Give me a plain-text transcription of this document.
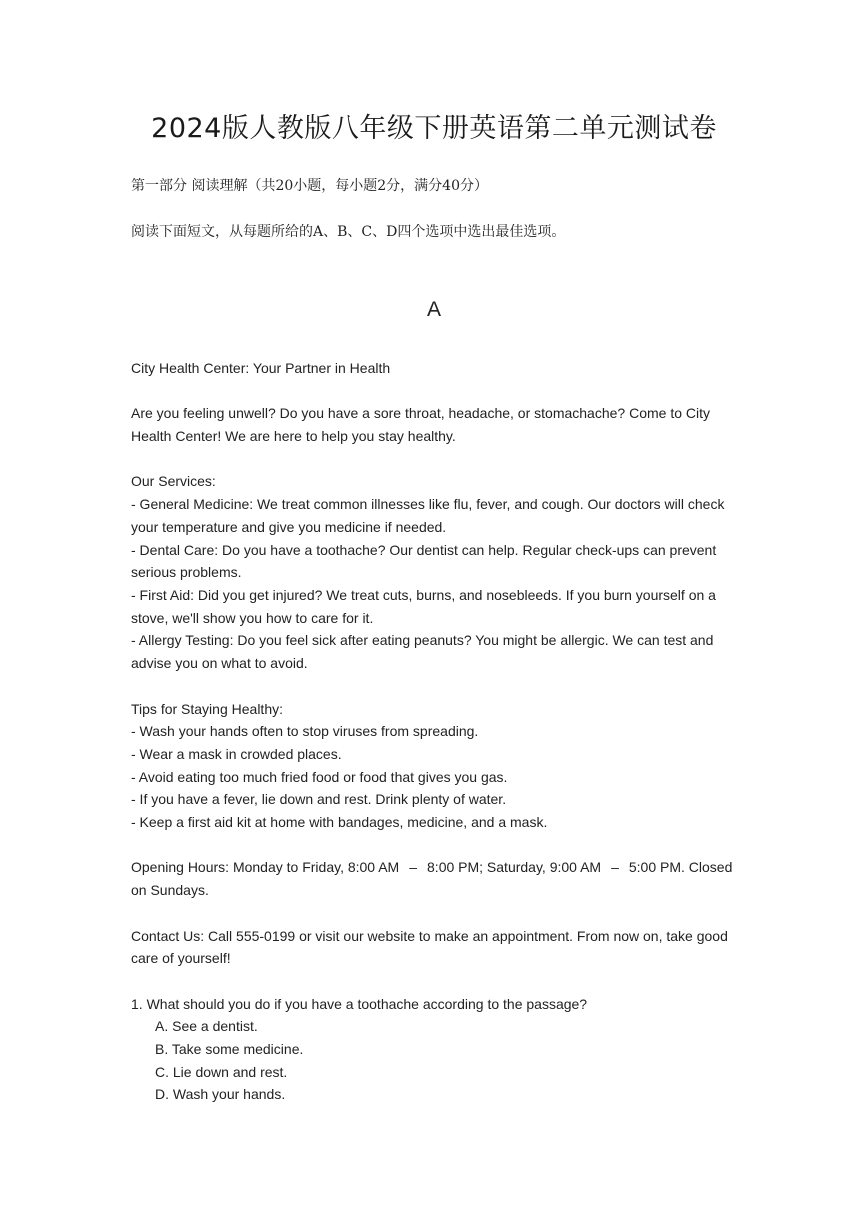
2024版人教版八年级下册英语第二单元测试卷

第一部分 阅读理解（共20小题，每小题2分，满分40分）

阅读下面短文，从每题所给的A、B、C、D四个选项中选出最佳选项。

A

City Health Center: Your Partner in Health

Are you feeling unwell? Do you have a sore throat, headache, or stomachache? Come to City Health Center! We are here to help you stay healthy.

Our Services:

- General Medicine: We treat common illnesses like flu, fever, and cough. Our doctors will check your temperature and give you medicine if needed.

- Dental Care: Do you have a toothache? Our dentist can help. Regular check-ups can prevent serious problems.

- First Aid: Did you get injured? We treat cuts, burns, and nosebleeds. If you burn yourself on a stove, we'll show you how to care for it.

- Allergy Testing: Do you feel sick after eating peanuts? You might be allergic. We can test and advise you on what to avoid.

Tips for Staying Healthy:

- Wash your hands often to stop viruses from spreading.

- Wear a mask in crowded places.

- Avoid eating too much fried food or food that gives you gas.

- If you have a fever, lie down and rest. Drink plenty of water.

- Keep a first aid kit at home with bandages, medicine, and a mask.

Opening Hours: Monday to Friday, 8:00 AM – 8:00 PM; Saturday, 9:00 AM – 5:00 PM. Closed on Sundays.

Contact Us: Call 555-0199 or visit our website to make an appointment. From now on, take good care of yourself!

1. What should you do if you have a toothache according to the passage?

A. See a dentist.

B. Take some medicine.

C. Lie down and rest.

D. Wash your hands.
